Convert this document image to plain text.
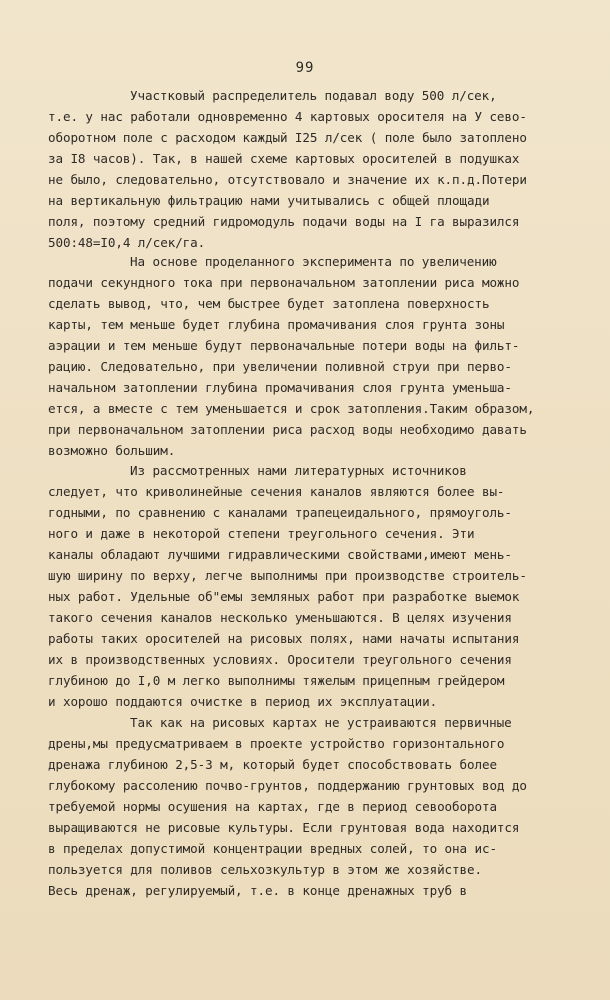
99
Участковый распределитель подавал воду 500 л/сек,
т.е. у нас работали одновременно 4 картовых оросителя на У сево-
оборотном поле с расходом каждый I25 л/сек ( поле было затоплено
за I8 часов). Так, в нашей схеме картовых оросителей в подушках
не было, следовательно, отсутствовало и значение их к.п.д.Потери
на вертикальную фильтрацию нами учитывались с общей площади
поля, поэтому средний гидромодуль подачи воды на I га выразился
500:48=I0,4 л/сек/га.
На основе проделанного эксперимента по увеличению
подачи секундного тока при первоначальном затоплении риса можно
сделать вывод, что, чем быстрее будет затоплена поверхность
карты, тем меньше будет глубина промачивания слоя грунта зоны
аэрации и тем меньше будут первоначальные потери воды на фильт-
рацию. Следовательно, при увеличении поливной струи при перво-
начальном затоплении глубина промачивания слоя грунта уменьша-
ется, а вместе с тем уменьшается и срок затопления.Таким образом,
при первоначальном затоплении риса расход воды необходимо давать
возможно большим.
Из рассмотренных нами литературных источников
следует, что криволинейные сечения каналов являются более вы-
годными, по сравнению с каналами трапецеидального, прямоуголь-
ного и даже в некоторой степени треугольного сечения. Эти
каналы обладают лучшими гидравлическими свойствами,имеют мень-
шую ширину по верху, легче выполнимы при производстве строитель-
ных работ. Удельные об"емы земляных работ при разработке выемок
такого сечения каналов несколько уменьшаются. В целях изучения
работы таких оросителей на рисовых полях, нами начаты испытания
их в производственных условиях. Оросители треугольного сечения
глубиною до I,0 м легко выполнимы тяжелым прицепным грейдером
и хорошо поддаются очистке в период их эксплуатации.
Так как на рисовых картах не устраиваются первичные
дрены,мы предусматриваем в проекте устройство горизонтального
дренажа глубиною 2,5-3 м, который будет способствовать более
глубокому рассолению почво-грунтов, поддержанию грунтовых вод до
требуемой нормы осушения на картах, где в период севооборота
выращиваются не рисовые культуры. Если грунтовая вода находится
в пределах допустимой концентрации вредных солей, то она ис-
пользуется для поливов сельхозкультур в этом же хозяйстве.
Весь дренаж, регулируемый, т.е. в конце дренажных труб в
